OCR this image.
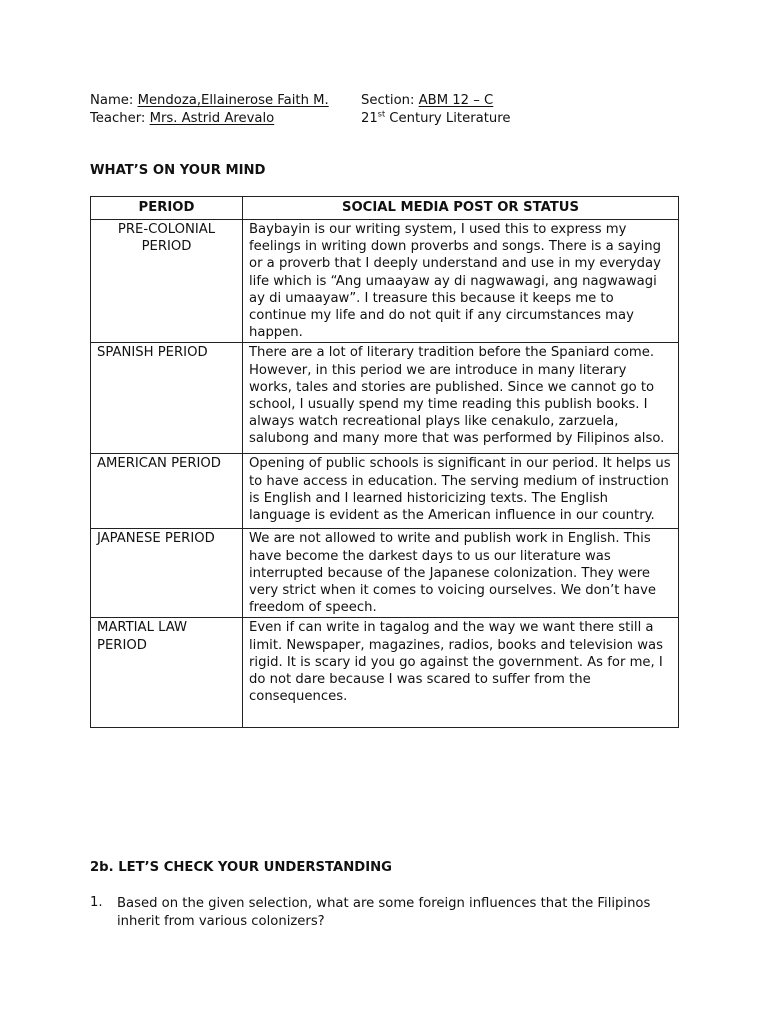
Name: Mendoza,Ellainerose Faith M. Section: ABM 12 – C
Teacher: Mrs. Astrid Arevalo	21st Century Literature
WHAT’S ON YOUR MIND
PERIOD	SOCIAL MEDIA POST OR STATUS

PRE-COLONIAL PERIOD	Baybayin is our writing system, I used this to express my feelings in writing down proverbs and songs. There is a saying or a proverb that I deeply understand and use in my everyday life which is “Ang umaayaw ay di nagwawagi, ang nagwawagi ay di umaayaw”. I treasure this because it keeps me to continue my life and do not quit if any circumstances may happen.

SPANISH PERIOD	There are a lot of literary tradition before the Spaniard come. However, in this period we are introduce in many literary works, tales and stories are published. Since we cannot go to school, I usually spend my time reading this publish books. I always watch recreational plays like cenakulo, zarzuela, salubong and many more that was performed by Filipinos also.

AMERICAN PERIOD	Opening of public schools is significant in our period. It helps us to have access in education. The serving medium of instruction is English and I learned historicizing texts. The English language is evident as the American influence in our country.

JAPANESE PERIOD	We are not allowed to write and publish work in English. This have become the darkest days to us our literature was interrupted because of the Japanese colonization. They were very strict when it comes to voicing ourselves. We don’t have freedom of speech.

MARTIAL LAW PERIOD	Even if can write in tagalog and the way we want there still a limit. Newspaper, magazines, radios, books and television was rigid. It is scary id you go against the government. As for me, I do not dare because I was scared to suffer from the consequences.
2b. LET’S CHECK YOUR UNDERSTANDING
1. Based on the given selection, what are some foreign influences that the Filipinos inherit from various colonizers?
